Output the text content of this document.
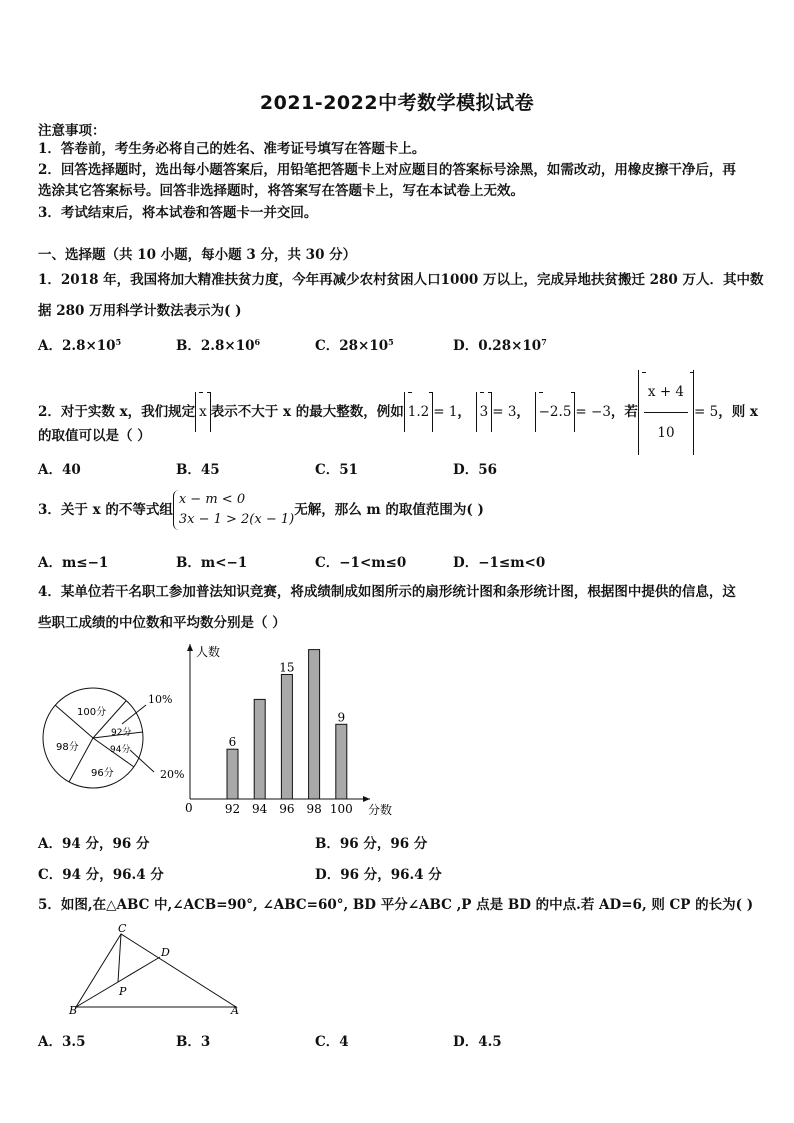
2021-2022中考数学模拟试卷
注意事项：
1．答卷前，考生务必将自己的姓名、准考证号填写在答题卡上。
2．回答选择题时，选出每小题答案后，用铅笔把答题卡上对应题目的答案标号涂黑，如需改动，用橡皮擦干净后，再
选涂其它答案标号。回答非选择题时，将答案写在答题卡上，写在本试卷上无效。
3．考试结束后，将本试卷和答题卡一并交回。
一、选择题（共 10 小题，每小题 3 分，共 30 分）
1．2018 年，我国将加大精准扶贫力度，今年再减少农村贫困人口1000 万以上，完成异地扶贫搬迁 280 万人．其中数
据 280 万用科学计数法表示为( )
A．$2.8\times 10^5$	B．$2.8\times 10^6$	C．$28\times 10^5$	D．$0.28\times 10^7$
2．对于实数 x，我们规定 x 表示不大于 x 的最大整数，例如 1.2 = 1， 3 = 3， −2.5 = −3，若 $\frac{x + 4}{10} = 5$，则 x
的取值可以是（ ）
A．40	B．45	C．51	D．56
3．关于 x 的不等式组
x − m < 0
3x − 1 > 2(x − 1)
无解，那么 m 的取值范围为( )
A．m≤−1	B．m<−1	C．−1<m≤0	D．−1≤m<0
4．某单位若干名职工参加普法知识竞赛，将成绩制成如图所示的扇形统计图和条形统计图，根据图中提供的信息，这
些职工成绩的中位数和平均数分别是（ ）
100分
92分
94分
96分
98分
10%
20%
人数
分数
0	92
6
94 96
15
98 100
9
A．94 分，96 分	B．96 分，96 分
C．94 分，96.4 分	D．96 分，96.4 分
5．如图,在△ABC 中,∠ACB=90°, ∠ABC=60°, BD 平分∠ABC ,P 点是 BD 的中点.若 AD=6, 则 CP 的长为( )
C
D
P
B	A
A．3.5	B．3	C．4	D．4.5
